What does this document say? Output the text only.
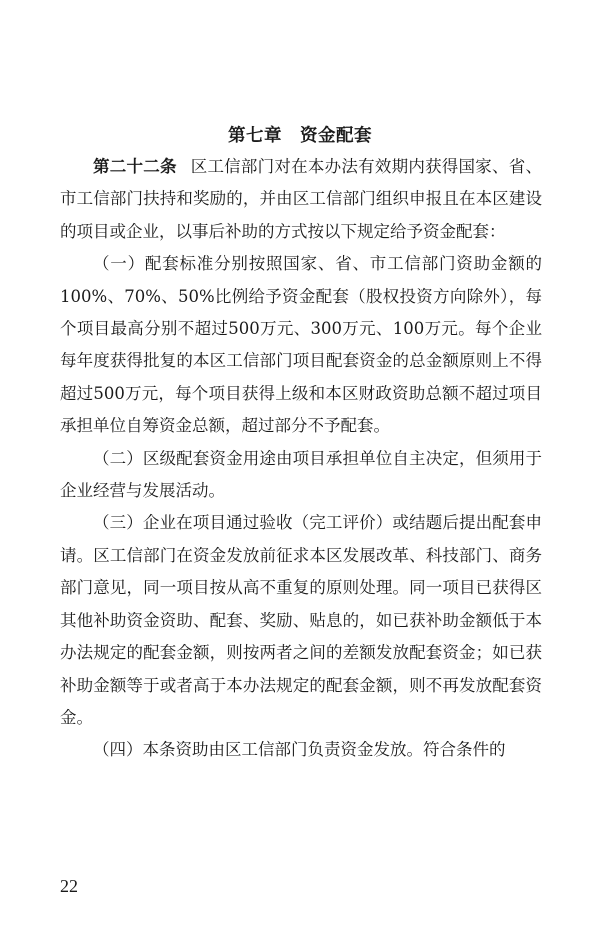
第七章　资金配套

第二十二条 区工信部门对在本办法有效期内获得国家、省、市工信部门扶持和奖励的，并由区工信部门组织申报且在本区建设的项目或企业，以事后补助的方式按以下规定给予资金配套：

（一）配套标准分别按照国家、省、市工信部门资助金额的100%、70%、50%比例给予资金配套（股权投资方向除外），每个项目最高分别不超过500万元、300万元、100万元。每个企业每年度获得批复的本区工信部门项目配套资金的总金额原则上不得超过500万元，每个项目获得上级和本区财政资助总额不超过项目承担单位自筹资金总额，超过部分不予配套。

（二）区级配套资金用途由项目承担单位自主决定，但须用于企业经营与发展活动。

（三）企业在项目通过验收（完工评价）或结题后提出配套申请。区工信部门在资金发放前征求本区发展改革、科技部门、商务部门意见，同一项目按从高不重复的原则处理。同一项目已获得区其他补助资金资助、配套、奖励、贴息的，如已获补助金额低于本办法规定的配套金额，则按两者之间的差额发放配套资金；如已获补助金额等于或者高于本办法规定的配套金额，则不再发放配套资金。

（四）本条资助由区工信部门负责资金发放。符合条件的

22
